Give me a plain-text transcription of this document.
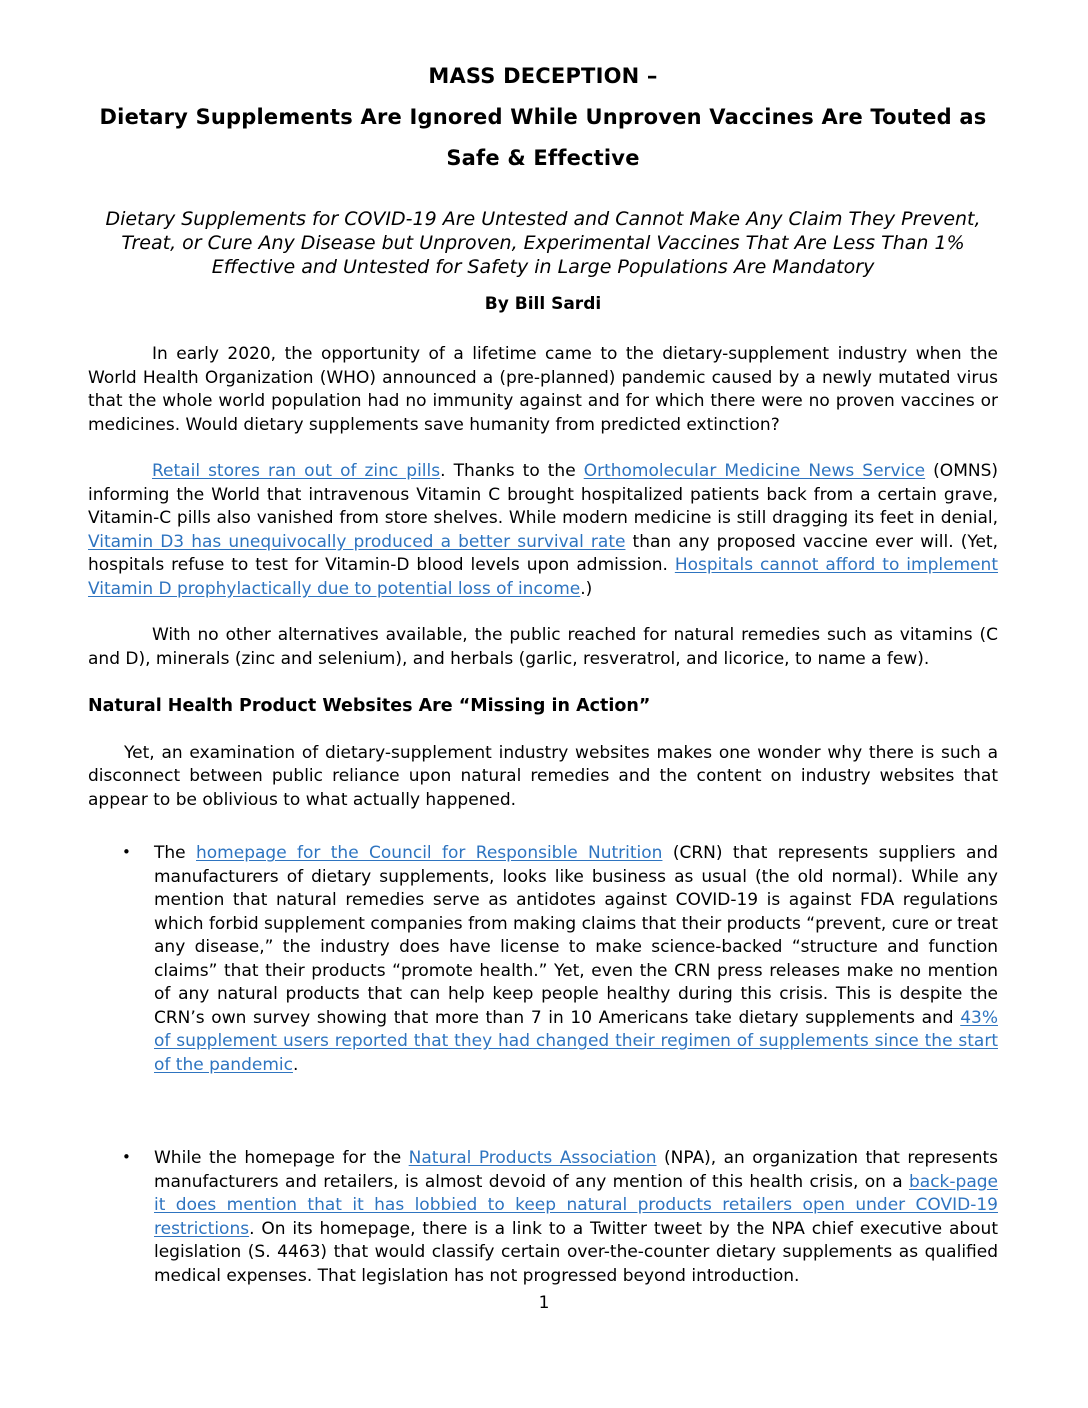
MASS DECEPTION –
Dietary Supplements Are Ignored While Unproven Vaccines Are Touted as
Safe & Effective

Dietary Supplements for COVID-19 Are Untested and Cannot Make Any Claim They Prevent, Treat, or Cure Any Disease but Unproven, Experimental Vaccines That Are Less Than 1% Effective and Untested for Safety in Large Populations Are Mandatory

By Bill Sardi

In early 2020, the opportunity of a lifetime came to the dietary-supplement industry when the World Health Organization (WHO) announced a (pre-planned) pandemic caused by a newly mutated virus that the whole world population had no immunity against and for which there were no proven vaccines or medicines. Would dietary supplements save humanity from predicted extinction?

Retail stores ran out of zinc pills. Thanks to the Orthomolecular Medicine News Service (OMNS) informing the World that intravenous Vitamin C brought hospitalized patients back from a certain grave, Vitamin-C pills also vanished from store shelves. While modern medicine is still dragging its feet in denial, Vitamin D3 has unequivocally produced a better survival rate than any proposed vaccine ever will. (Yet, hospitals refuse to test for Vitamin-D blood levels upon admission. Hospitals cannot afford to implement Vitamin D prophylactically due to potential loss of income.)

With no other alternatives available, the public reached for natural remedies such as vitamins (C and D), minerals (zinc and selenium), and herbals (garlic, resveratrol, and licorice, to name a few).

Natural Health Product Websites Are “Missing in Action”

Yet, an examination of dietary-supplement industry websites makes one wonder why there is such a disconnect between public reliance upon natural remedies and the content on industry websites that appear to be oblivious to what actually happened.

• The homepage for the Council for Responsible Nutrition (CRN) that represents suppliers and manufacturers of dietary supplements, looks like business as usual (the old normal). While any mention that natural remedies serve as antidotes against COVID-19 is against FDA regulations which forbid supplement companies from making claims that their products “prevent, cure or treat any disease,” the industry does have license to make science-backed “structure and function claims” that their products “promote health.” Yet, even the CRN press releases make no mention of any natural products that can help keep people healthy during this crisis. This is despite the CRN’s own survey showing that more than 7 in 10 Americans take dietary supplements and 43% of supplement users reported that they had changed their regimen of supplements since the start of the pandemic.
• While the homepage for the Natural Products Association (NPA), an organization that represents manufacturers and retailers, is almost devoid of any mention of this health crisis, on a back-page it does mention that it has lobbied to keep natural products retailers open under COVID-19 restrictions. On its homepage, there is a link to a Twitter tweet by the NPA chief executive about legislation (S. 4463) that would classify certain over-the-counter dietary supplements as qualified medical expenses. That legislation has not progressed beyond introduction.
1
